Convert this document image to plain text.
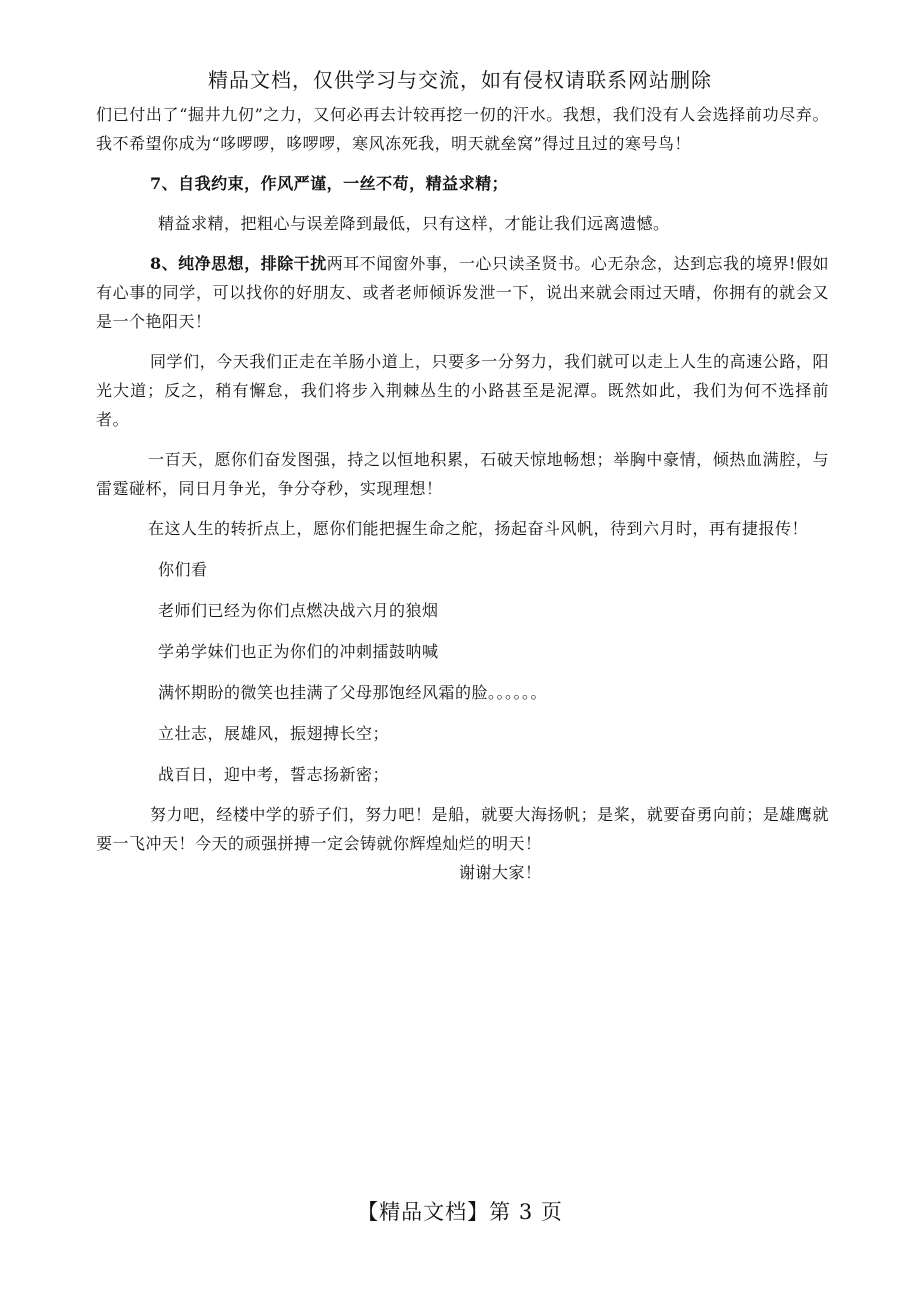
精品文档，仅供学习与交流，如有侵权请联系网站删除

们已付出了“掘井九仞”之力，又何必再去计较再挖一仞的汗水。我想，我们没有人会选择前功尽弃。我不希望你成为“哆啰啰，哆啰啰，寒风冻死我，明天就垒窝”得过且过的寒号鸟！

7、自我约束，作风严谨，一丝不苟，精益求精；

精益求精，把粗心与误差降到最低，只有这样，才能让我们远离遗憾。

8、纯净思想，排除干扰两耳不闻窗外事，一心只读圣贤书。心无杂念，达到忘我的境界!假如有心事的同学，可以找你的好朋友、或者老师倾诉发泄一下，说出来就会雨过天晴，你拥有的就会又是一个艳阳天！

同学们，今天我们正走在羊肠小道上，只要多一分努力，我们就可以走上人生的高速公路，阳光大道；反之，稍有懈怠，我们将步入荆棘丛生的小路甚至是泥潭。既然如此，我们为何不选择前者。

一百天，愿你们奋发图强，持之以恒地积累，石破天惊地畅想；举胸中豪情，倾热血满腔，与雷霆碰杯，同日月争光，争分夺秒，实现理想！

在这人生的转折点上，愿你们能把握生命之舵，扬起奋斗风帆，待到六月时，再有捷报传！

你们看

老师们已经为你们点燃决战六月的狼烟

学弟学妹们也正为你们的冲刺擂鼓呐喊

满怀期盼的微笑也挂满了父母那饱经风霜的脸。。。。。。

立壮志，展雄风，振翅搏长空；

战百日，迎中考，誓志扬新密；

努力吧，经楼中学的骄子们，努力吧！是船，就要大海扬帆；是桨，就要奋勇向前；是雄鹰就要一飞冲天！今天的顽强拼搏一定会铸就你辉煌灿烂的明天！

谢谢大家！

【精品文档】第 3 页
